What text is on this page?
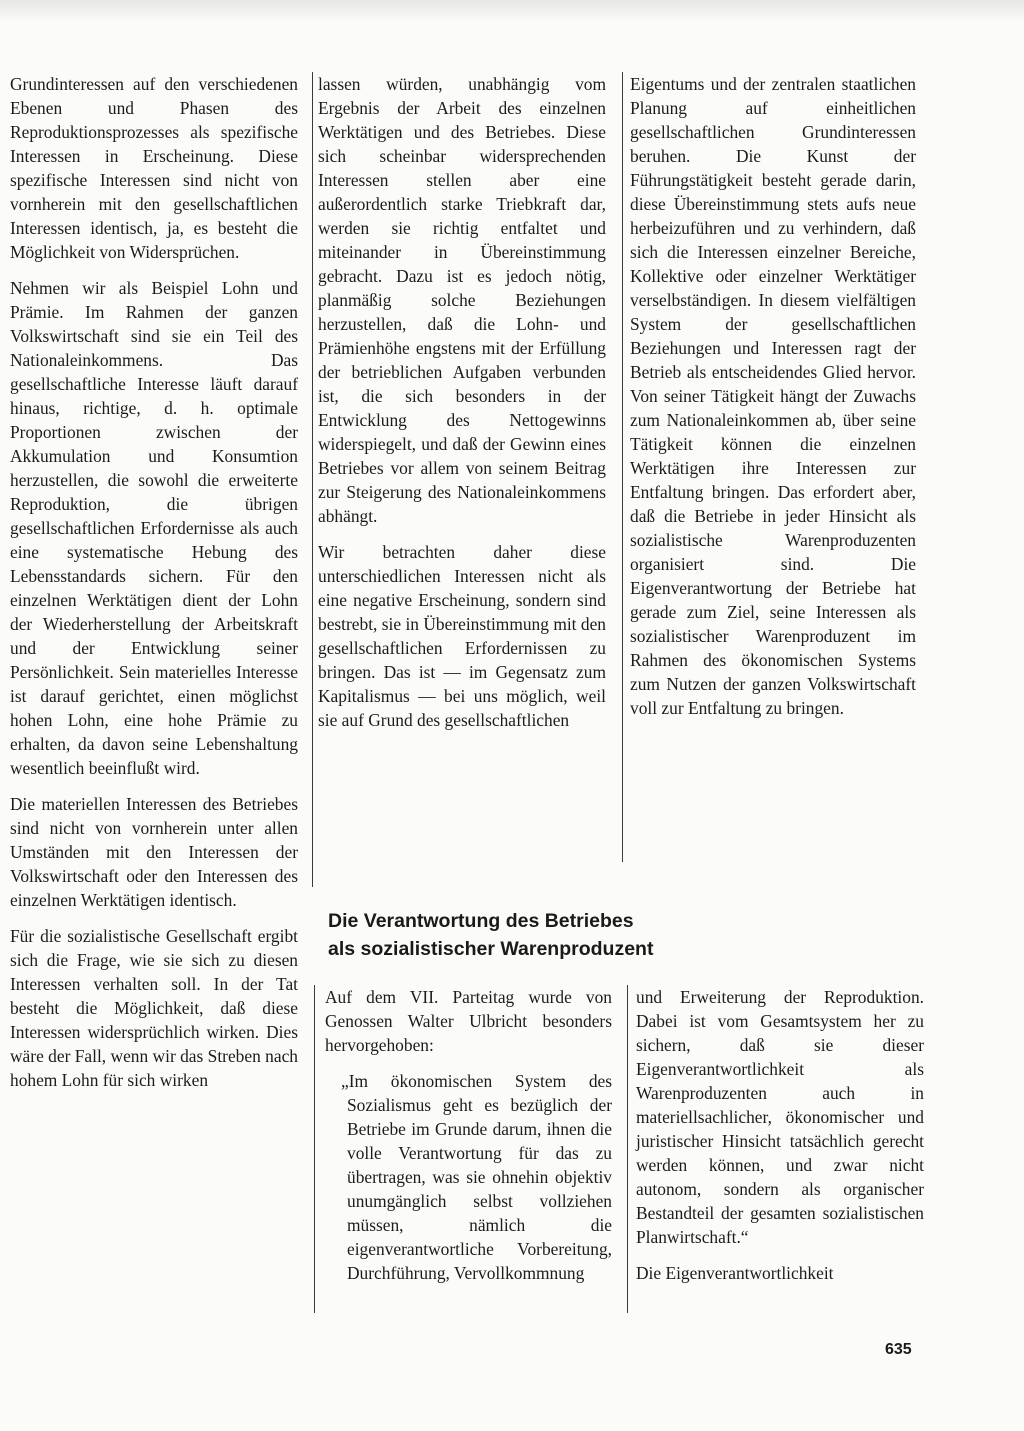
Grundinteressen auf den verschiedenen Ebenen und Phasen des Reproduktionsprozesses als spezifische Interessen in Erscheinung. Diese spezifische Interessen sind nicht von vornherein mit den gesellschaftlichen Interessen identisch, ja, es besteht die Möglichkeit von Widersprüchen.

Nehmen wir als Beispiel Lohn und Prämie. Im Rahmen der ganzen Volkswirtschaft sind sie ein Teil des Nationaleinkommens. Das gesellschaftliche Interesse läuft darauf hinaus, richtige, d. h. optimale Proportionen zwischen der Akkumulation und Konsumtion herzustellen, die sowohl die erweiterte Reproduktion, die übrigen gesellschaftlichen Erfordernisse als auch eine systematische Hebung des Lebensstandards sichern. Für den einzelnen Werktätigen dient der Lohn der Wiederherstellung der Arbeitskraft und der Entwicklung seiner Persönlichkeit. Sein materielles Interesse ist darauf gerichtet, einen möglichst hohen Lohn, eine hohe Prämie zu erhalten, da davon seine Lebenshaltung wesentlich beeinflußt wird.

Die materiellen Interessen des Betriebes sind nicht von vornherein unter allen Umständen mit den Interessen der Volkswirtschaft oder den Interessen des einzelnen Werktätigen identisch.

Für die sozialistische Gesellschaft ergibt sich die Frage, wie sie sich zu diesen Interessen verhalten soll. In der Tat besteht die Möglichkeit, daß diese Interessen widersprüchlich wirken. Dies wäre der Fall, wenn wir das Streben nach hohem Lohn für sich wirken

lassen würden, unabhängig vom Ergebnis der Arbeit des einzelnen Werktätigen und des Betriebes. Diese sich scheinbar widersprechenden Interessen stellen aber eine außerordentlich starke Triebkraft dar, werden sie richtig entfaltet und miteinander in Übereinstimmung gebracht. Dazu ist es jedoch nötig, planmäßig solche Beziehungen herzustellen, daß die Lohn- und Prämienhöhe engstens mit der Erfüllung der betrieblichen Aufgaben verbunden ist, die sich besonders in der Entwicklung des Nettogewinns widerspiegelt, und daß der Gewinn eines Betriebes vor allem von seinem Beitrag zur Steigerung des Nationaleinkommens abhängt.

Wir betrachten daher diese unterschiedlichen Interessen nicht als eine negative Erscheinung, sondern sind bestrebt, sie in Übereinstimmung mit den gesellschaftlichen Erfordernissen zu bringen. Das ist — im Gegensatz zum Kapitalismus — bei uns möglich, weil sie auf Grund des gesellschaftlichen

Eigentums und der zentralen staatlichen Planung auf einheitlichen gesellschaftlichen Grundinteressen beruhen. Die Kunst der Führungstätigkeit besteht gerade darin, diese Übereinstimmung stets aufs neue herbeizuführen und zu verhindern, daß sich die Interessen einzelner Bereiche, Kollektive oder einzelner Werktätiger verselbständigen. In diesem vielfältigen System der gesellschaftlichen Beziehungen und Interessen ragt der Betrieb als entscheidendes Glied hervor. Von seiner Tätigkeit hängt der Zuwachs zum Nationaleinkommen ab, über seine Tätigkeit können die einzelnen Werktätigen ihre Interessen zur Entfaltung bringen. Das erfordert aber, daß die Betriebe in jeder Hinsicht als sozialistische Warenproduzenten organisiert sind. Die Eigenverantwortung der Betriebe hat gerade zum Ziel, seine Interessen als sozialistischer Warenproduzent im Rahmen des ökonomischen Systems zum Nutzen der ganzen Volkswirtschaft voll zur Entfaltung zu bringen.

Die Verantwortung des Betriebes
als sozialistischer Warenproduzent

Auf dem VII. Parteitag wurde von Genossen Walter Ulbricht besonders hervorgehoben:

„Im ökonomischen System des Sozialismus geht es bezüglich der Betriebe im Grunde darum, ihnen die volle Verantwortung für das zu übertragen, was sie ohnehin objektiv unumgänglich selbst vollziehen müssen, nämlich die eigenverantwortliche Vorbereitung, Durchführung, Vervollkommnung

und Erweiterung der Reproduktion. Dabei ist vom Gesamtsystem her zu sichern, daß sie dieser Eigenverantwortlichkeit als Warenproduzenten auch in materiellsachlicher, ökonomischer und juristischer Hinsicht tatsächlich gerecht werden können, und zwar nicht autonom, sondern als organischer Bestandteil der gesamten sozialistischen Planwirtschaft.“

Die Eigenverantwortlichkeit

635
